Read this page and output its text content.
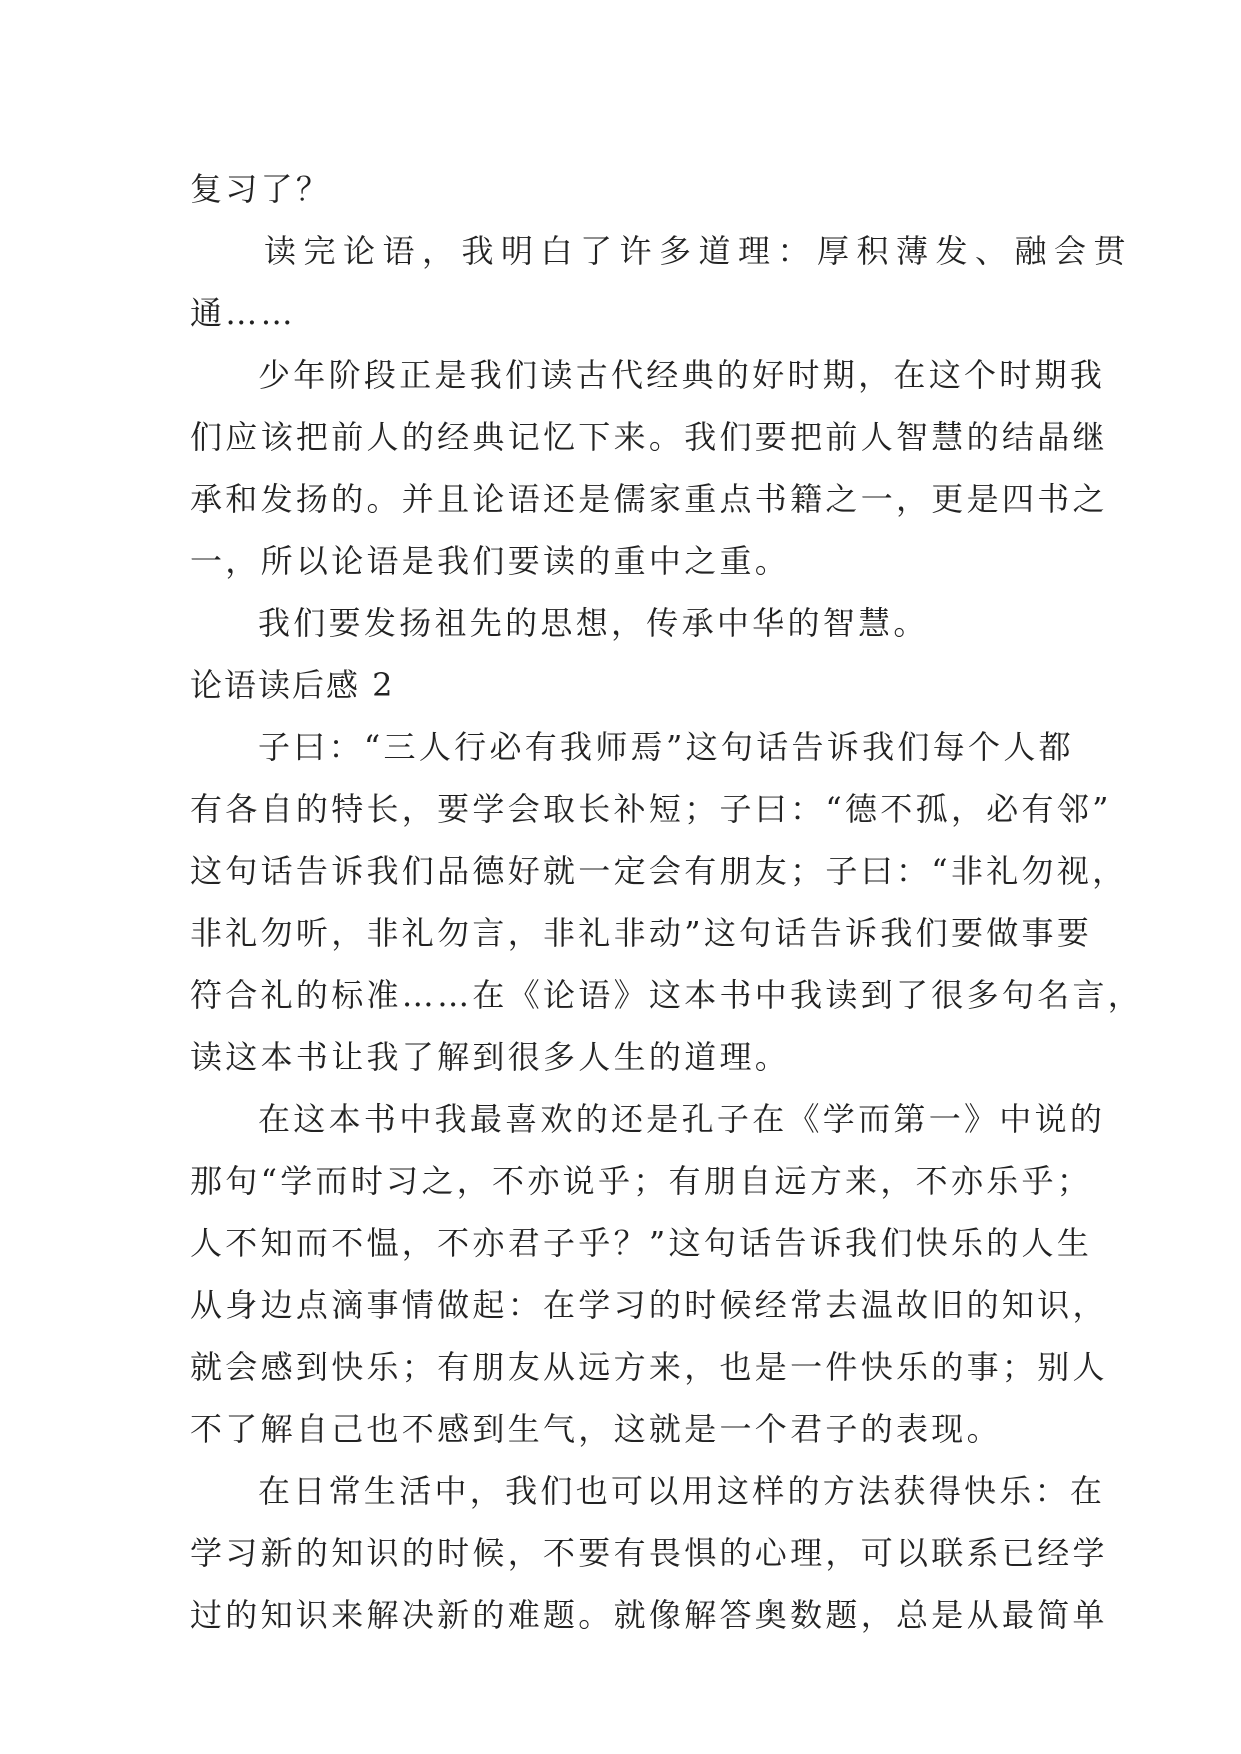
复习了？
读完论语，我明白了许多道理：厚积薄发、融会贯
通……
少年阶段正是我们读古代经典的好时期，在这个时期我
们应该把前人的经典记忆下来。我们要把前人智慧的结晶继
承和发扬的。并且论语还是儒家重点书籍之一，更是四书之
一，所以论语是我们要读的重中之重。
我们要发扬祖先的思想，传承中华的智慧。
论语读后感 2
子曰：“三人行必有我师焉”这句话告诉我们每个人都
有各自的特长，要学会取长补短；子曰：“德不孤，必有邻”
这句话告诉我们品德好就一定会有朋友；子曰：“非礼勿视，
非礼勿听，非礼勿言，非礼非动”这句话告诉我们要做事要
符合礼的标准……在《论语》这本书中我读到了很多句名言，
读这本书让我了解到很多人生的道理。
在这本书中我最喜欢的还是孔子在《学而第一》中说的
那句“学而时习之，不亦说乎；有朋自远方来，不亦乐乎；
人不知而不愠，不亦君子乎？”这句话告诉我们快乐的人生
从身边点滴事情做起：在学习的时候经常去温故旧的知识，
就会感到快乐；有朋友从远方来，也是一件快乐的事；别人
不了解自己也不感到生气，这就是一个君子的表现。
在日常生活中，我们也可以用这样的方法获得快乐：在
学习新的知识的时候，不要有畏惧的心理，可以联系已经学
过的知识来解决新的难题。就像解答奥数题，总是从最简单
